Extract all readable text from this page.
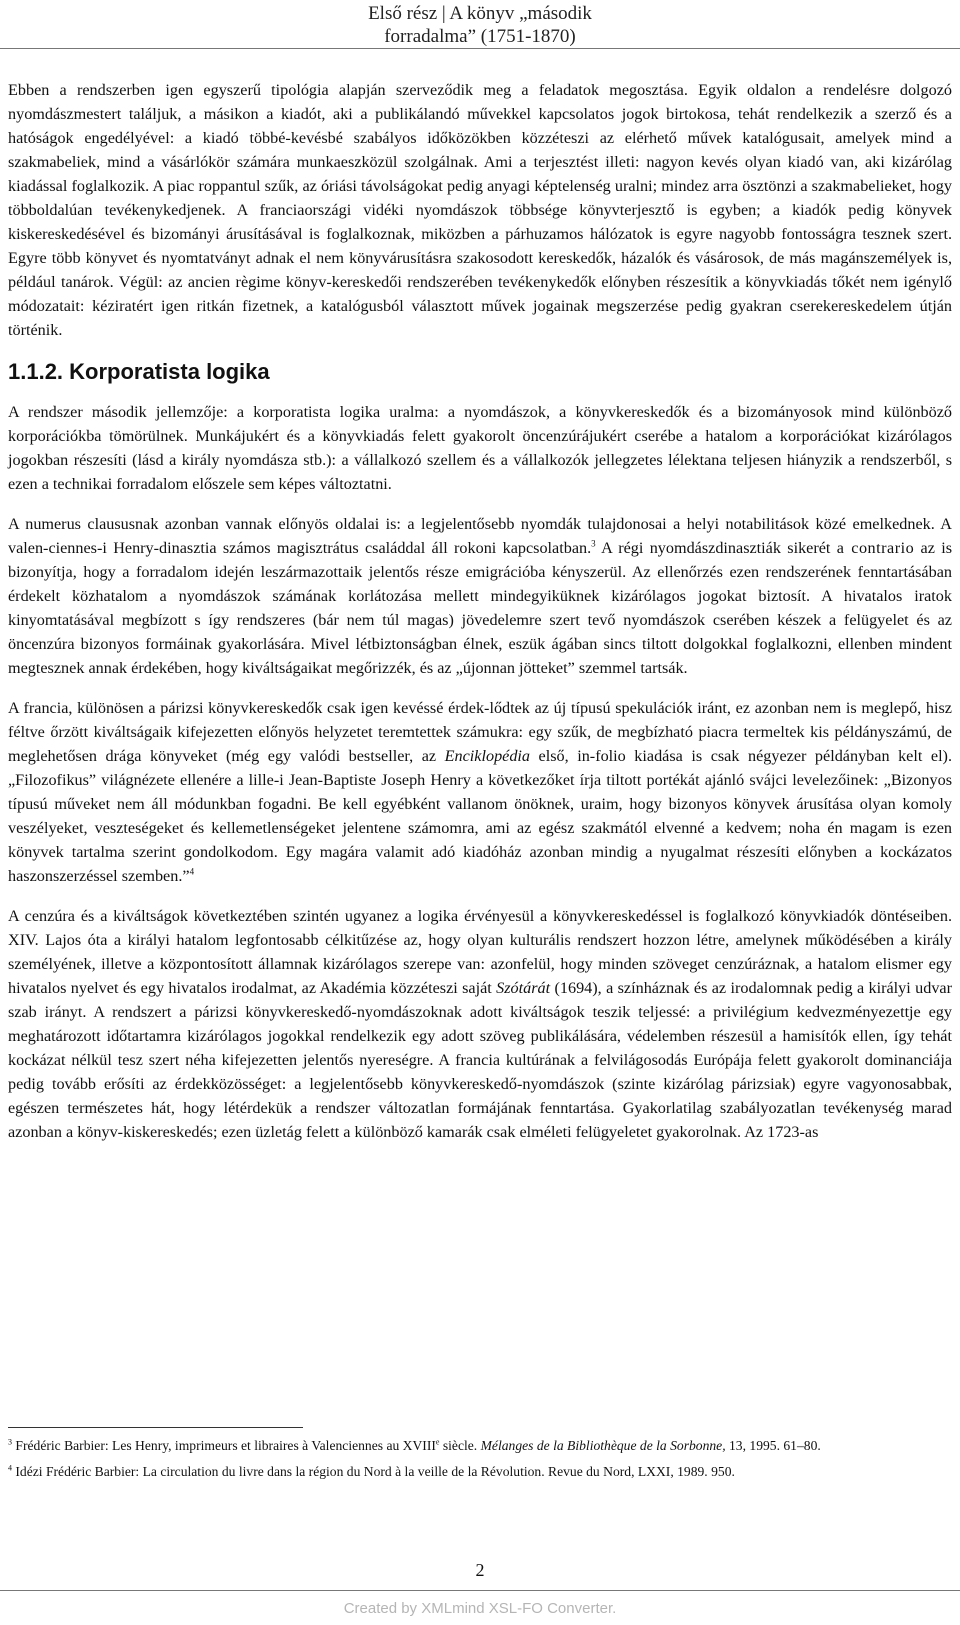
Első rész | A könyv „második forradalma” (1751-1870)

Ebben a rendszerben igen egyszerű tipológia alapján szerveződik meg a feladatok megosztása. Egyik oldalon a rendelésre dolgozó nyomdászmestert találjuk, a másikon a kiadót, aki a publikálandó művekkel kapcsolatos jogok birtokosa, tehát rendelkezik a szerző és a hatóságok engedélyével: a kiadó többé-kevésbé szabályos időközökben közzéteszi az elérhető művek katalógusait, amelyek mind a szakmabeliek, mind a vásárlókör számára munkaeszközül szolgálnak. Ami a terjesztést illeti: nagyon kevés olyan kiadó van, aki kizárólag kiadással foglalkozik. A piac roppantul szűk, az óriási távolságokat pedig anyagi képtelenség uralni; mindez arra ösztönzi a szakmabelieket, hogy többoldalúan tevékenykedjenek. A franciaországi vidéki nyomdászok többsége könyvterjesztő is egyben; a kiadók pedig könyvek kiskereskedésével és bizományi árusításával is foglalkoznak, miközben a párhuzamos hálózatok is egyre nagyobb fontosságra tesznek szert. Egyre több könyvet és nyomtatványt adnak el nem könyvárusításra szakosodott kereskedők, házalók és vásárosok, de más magánszemélyek is, például tanárok. Végül: az ancien règime könyv-kereskedői rendszerében tevékenykedők előnyben részesítik a könyvkiadás tőkét nem igénylő módozatait: kéziratért igen ritkán fizetnek, a katalógusból választott művek jogainak megszerzése pedig gyakran cserekereskedelem útján történik.

1.1.2. Korporatista logika

A rendszer második jellemzője: a korporatista logika uralma: a nyomdászok, a könyvkereskedők és a bizományosok mind különböző korporációkba tömörülnek. Munkájukért és a könyvkiadás felett gyakorolt öncenzúrájukért cserébe a hatalom a korporációkat kizárólagos jogokban részesíti (lásd a király nyomdásza stb.): a vállalkozó szellem és a vállalkozók jellegzetes lélektana teljesen hiányzik a rendszerből, s ezen a technikai forradalom előszele sem képes változtatni.

A numerus claususnak azonban vannak előnyös oldalai is: a legjelentősebb nyomdák tulajdonosai a helyi notabilitások közé emelkednek. A valen-ciennes-i Henry-dinasztia számos magisztrátus családdal áll rokoni kapcsolatban.$^3$ A régi nyomdászdinasztiák sikerét a contrario az is bizonyítja, hogy a forradalom idején leszármazottaik jelentős része emigrációba kényszerül. Az ellenőrzés ezen rendszerének fenntartásában érdekelt közhatalom a nyomdászok számának korlátozása mellett mindegyiküknek kizárólagos jogokat biztosít. A hivatalos iratok kinyomtatásával megbízott s így rendszeres (bár nem túl magas) jövedelemre szert tevő nyomdászok cserében készek a felügyelet és az öncenzúra bizonyos formáinak gyakorlására. Mivel létbiztonságban élnek, eszük ágában sincs tiltott dolgokkal foglalkozni, ellenben mindent megtesznek annak érdekében, hogy kiváltságaikat megőrizzék, és az „újonnan jötteket” szemmel tartsák.

A francia, különösen a párizsi könyvkereskedők csak igen kevéssé érdek-lődtek az új típusú spekulációk iránt, ez azonban nem is meglepő, hisz féltve őrzött kiváltságaik kifejezetten előnyös helyzetet teremtettek számukra: egy szűk, de megbízható piacra termeltek kis példányszámú, de meglehetősen drága könyveket (még egy valódi bestseller, az Enciklopédia első, in-folio kiadása is csak négyezer példányban kelt el). „Filozofikus” világnézete ellenére a lille-i Jean-Baptiste Joseph Henry a következőket írja tiltott portékát ajánló svájci levelezőinek: „Bizonyos típusú műveket nem áll módunkban fogadni. Be kell egyébként vallanom önöknek, uraim, hogy bizonyos könyvek árusítása olyan komoly veszélyeket, veszteségeket és kellemetlenségeket jelentene számomra, ami az egész szakmától elvenné a kedvem; noha én magam is ezen könyvek tartalma szerint gondolkodom. Egy magára valamit adó kiadóház azonban mindig a nyugalmat részesíti előnyben a kockázatos haszonszerzéssel szemben.”$^4$

A cenzúra és a kiváltságok következtében szintén ugyanez a logika érvényesül a könyvkereskedéssel is foglalkozó könyvkiadók döntéseiben. XIV. Lajos óta a királyi hatalom legfontosabb célkitűzése az, hogy olyan kulturális rendszert hozzon létre, amelynek működésében a király személyének, illetve a központosított államnak kizárólagos szerepe van: azonfelül, hogy minden szöveget cenzúráznak, a hatalom elismer egy hivatalos nyelvet és egy hivatalos irodalmat, az Akadémia közzéteszi saját Szótárát (1694), a színháznak és az irodalomnak pedig a királyi udvar szab irányt. A rendszert a párizsi könyvkereskedő-nyomdászoknak adott kiváltságok teszik teljessé: a privilégium kedvezményezettje egy meghatározott időtartamra kizárólagos jogokkal rendelkezik egy adott szöveg publikálására, védelemben részesül a hamisítók ellen, így tehát kockázat nélkül tesz szert néha kifejezetten jelentős nyereségre. A francia kultúrának a felvilágosodás Európája felett gyakorolt dominanciája pedig tovább erősíti az érdekközösséget: a legjelentősebb könyvkereskedő-nyomdászok (szinte kizárólag párizsiak) egyre vagyonosabbak, egészen természetes hát, hogy létérdekük a rendszer változatlan formájának fenntartása. Gyakorlatilag szabályozatlan tevékenység marad azonban a könyv-kiskereskedés; ezen üzletág felett a különböző kamarák csak elméleti felügyeletet gyakorolnak. Az 1723-as

$^3$ Frédéric Barbier: Les Henry, imprimeurs et libraires à Valenciennes au XVIIIe siècle. Mélanges de la Bibliothèque de la Sorbonne, 13, 1995. 61–80.
$^4$ Idézi Frédéric Barbier: La circulation du livre dans la région du Nord à la veille de la Révolution. Revue du Nord, LXXI, 1989. 950.
2
Created by XMLmind XSL-FO Converter.
